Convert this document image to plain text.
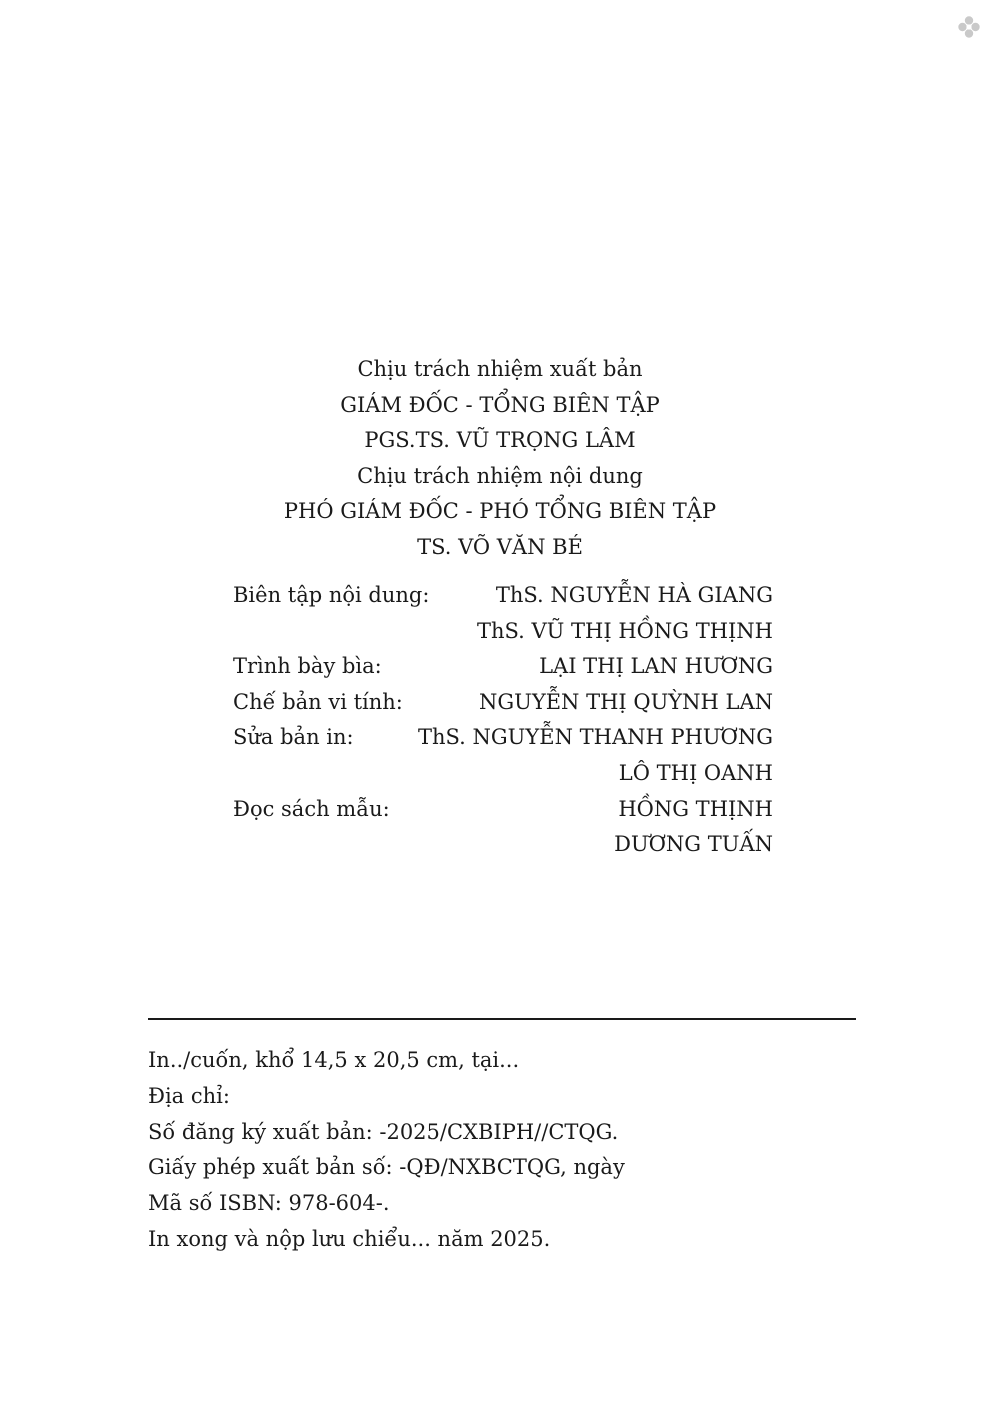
Chịu trách nhiệm xuất bản
GIÁM ĐỐC - TỔNG BIÊN TẬP
PGS.TS. VŨ TRỌNG LÂM
Chịu trách nhiệm nội dung
PHÓ GIÁM ĐỐC - PHÓ TỔNG BIÊN TẬP
TS. VÕ VĂN BÉ
Biên tập nội dung:	ThS. NGUYỄN HÀ GIANG
ThS. VŨ THỊ HỒNG THỊNH
Trình bày bìa:	LẠI THỊ LAN HƯƠNG
Chế bản vi tính:	NGUYỄN THỊ QUỲNH LAN
Sửa bản in:	ThS. NGUYỄN THANH PHƯƠNG
LÔ THỊ OANH
Đọc sách mẫu:	HỒNG THỊNH
DƯƠNG TUẤN
In../cuốn, khổ 14,5 x 20,5 cm, tại...
Địa chỉ:
Số đăng ký xuất bản: -2025/CXBIPH//CTQG.
Giấy phép xuất bản số: -QĐ/NXBCTQG, ngày
Mã số ISBN: 978-604-.
In xong và nộp lưu chiểu... năm 2025.
